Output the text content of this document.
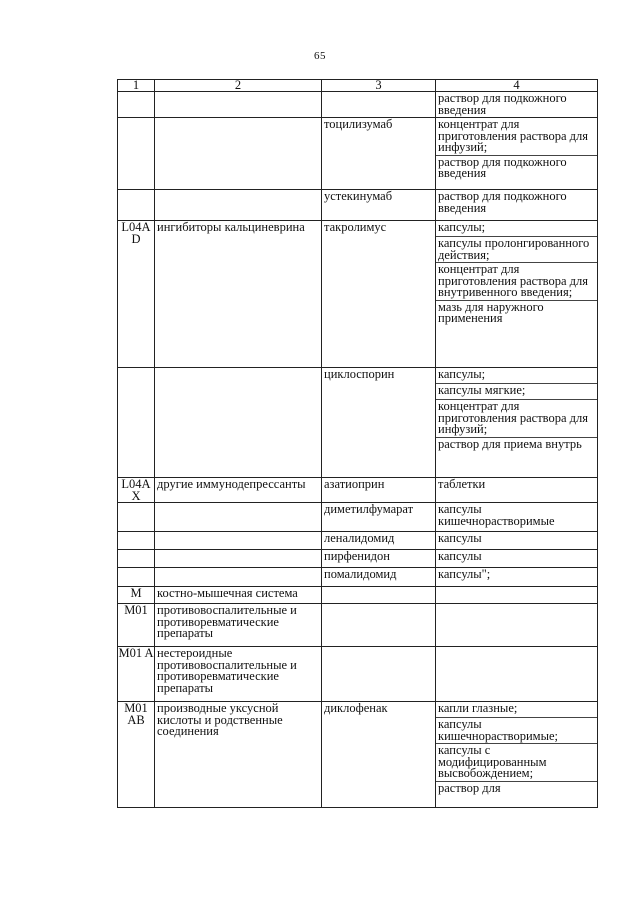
65
1	2	3	4

			раствор для подкожного введения

		тоцилизумаб	концентрат для приготовления раствора для инфузий;
раствор для подкожного введения

		устекинумаб	раствор для подкожного введения

L04A D	ингибиторы кальциневрина	такролимус	капсулы;
капсулы пролонгированного действия;
концентрат для приготовления раствора для внутривенного введения;
мазь для наружного применения

		циклоспорин	капсулы;
капсулы мягкие;
концентрат для приготовления раствора для инфузий;
раствор для приема внутрь

L04A X	другие иммунодепрессанты	азатиоприн	таблетки

		диметилфумарат	капсулы кишечнорастворимые

		леналидомид	капсулы

		пирфенидон	капсулы

		помалидомид	капсулы";

M	костно-мышечная система		

M01	противовоспалительные и противоревматические препараты		

M01 A	нестероидные противовоспалительные и противоревматические препараты		

M01 AB	производные уксусной кислоты и родственные соединения	диклофенак	капли глазные;
капсулы кишечнорастворимые;
капсулы с модифицированным высвобождением;
раствор для
